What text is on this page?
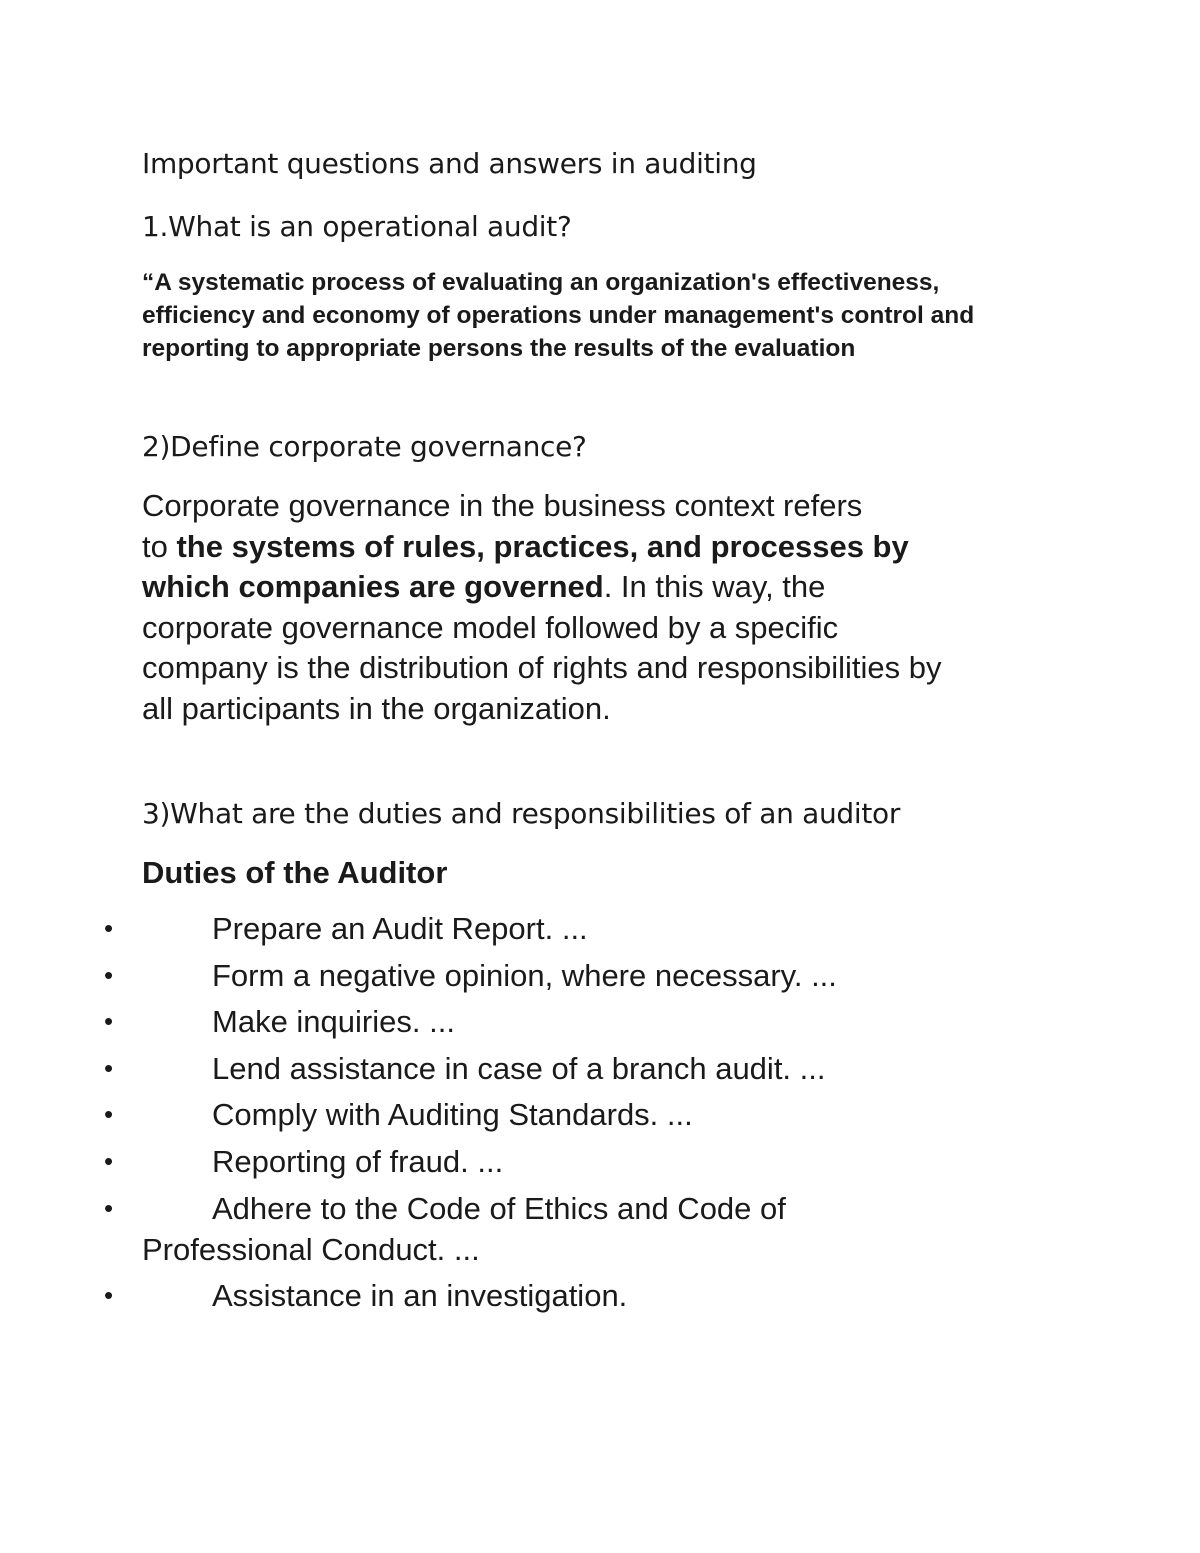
Important questions and answers in auditing
1.What is an operational audit?
“A systematic process of evaluating an organization's effectiveness,
efficiency and economy of operations under management's control and
reporting to appropriate persons the results of the evaluation
2)Define corporate governance?
Corporate governance in the business context refers
to the systems of rules, practices, and processes by
which companies are governed. In this way, the
corporate governance model followed by a specific
company is the distribution of rights and responsibilities by
all participants in the organization.
3)What are the duties and responsibilities of an auditor
Duties of the Auditor
•	Prepare an Audit Report. ...
•	Form a negative opinion, where necessary. ...
•	Make inquiries. ...
•	Lend assistance in case of a branch audit. ...
•	Comply with Auditing Standards. ...
•	Reporting of fraud. ...
•	Adhere to the Code of Ethics and Code of
Professional Conduct. ...
•	Assistance in an investigation.
